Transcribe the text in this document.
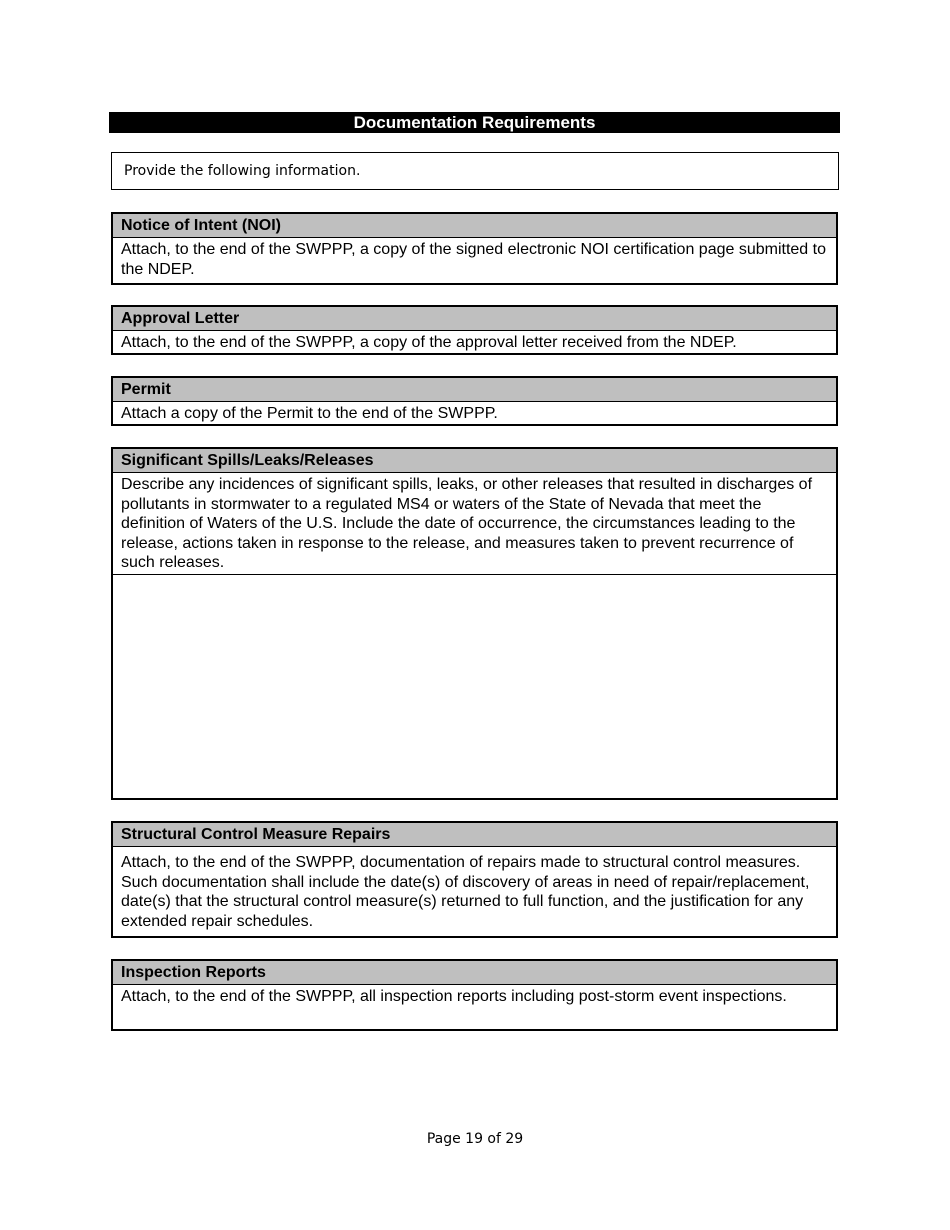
Documentation Requirements
Provide the following information.
Notice of Intent (NOI)
Attach, to the end of the SWPPP, a copy of the signed electronic NOI certification page submitted to the NDEP.
Approval Letter
Attach, to the end of the SWPPP, a copy of the approval letter received from the NDEP.
Permit
Attach a copy of the Permit to the end of the SWPPP.
Significant Spills/Leaks/Releases
Describe any incidences of significant spills, leaks, or other releases that resulted in discharges of pollutants in stormwater to a regulated MS4 or waters of the State of Nevada that meet the definition of Waters of the U.S. Include the date of occurrence, the circumstances leading to the release, actions taken in response to the release, and measures taken to prevent recurrence of such releases.
Structural Control Measure Repairs
Attach, to the end of the SWPPP, documentation of repairs made to structural control measures. Such documentation shall include the date(s) of discovery of areas in need of repair/replacement, date(s) that the structural control measure(s) returned to full function, and the justification for any extended repair schedules.
Inspection Reports
Attach, to the end of the SWPPP, all inspection reports including post-storm event inspections.
Page 19 of 29
